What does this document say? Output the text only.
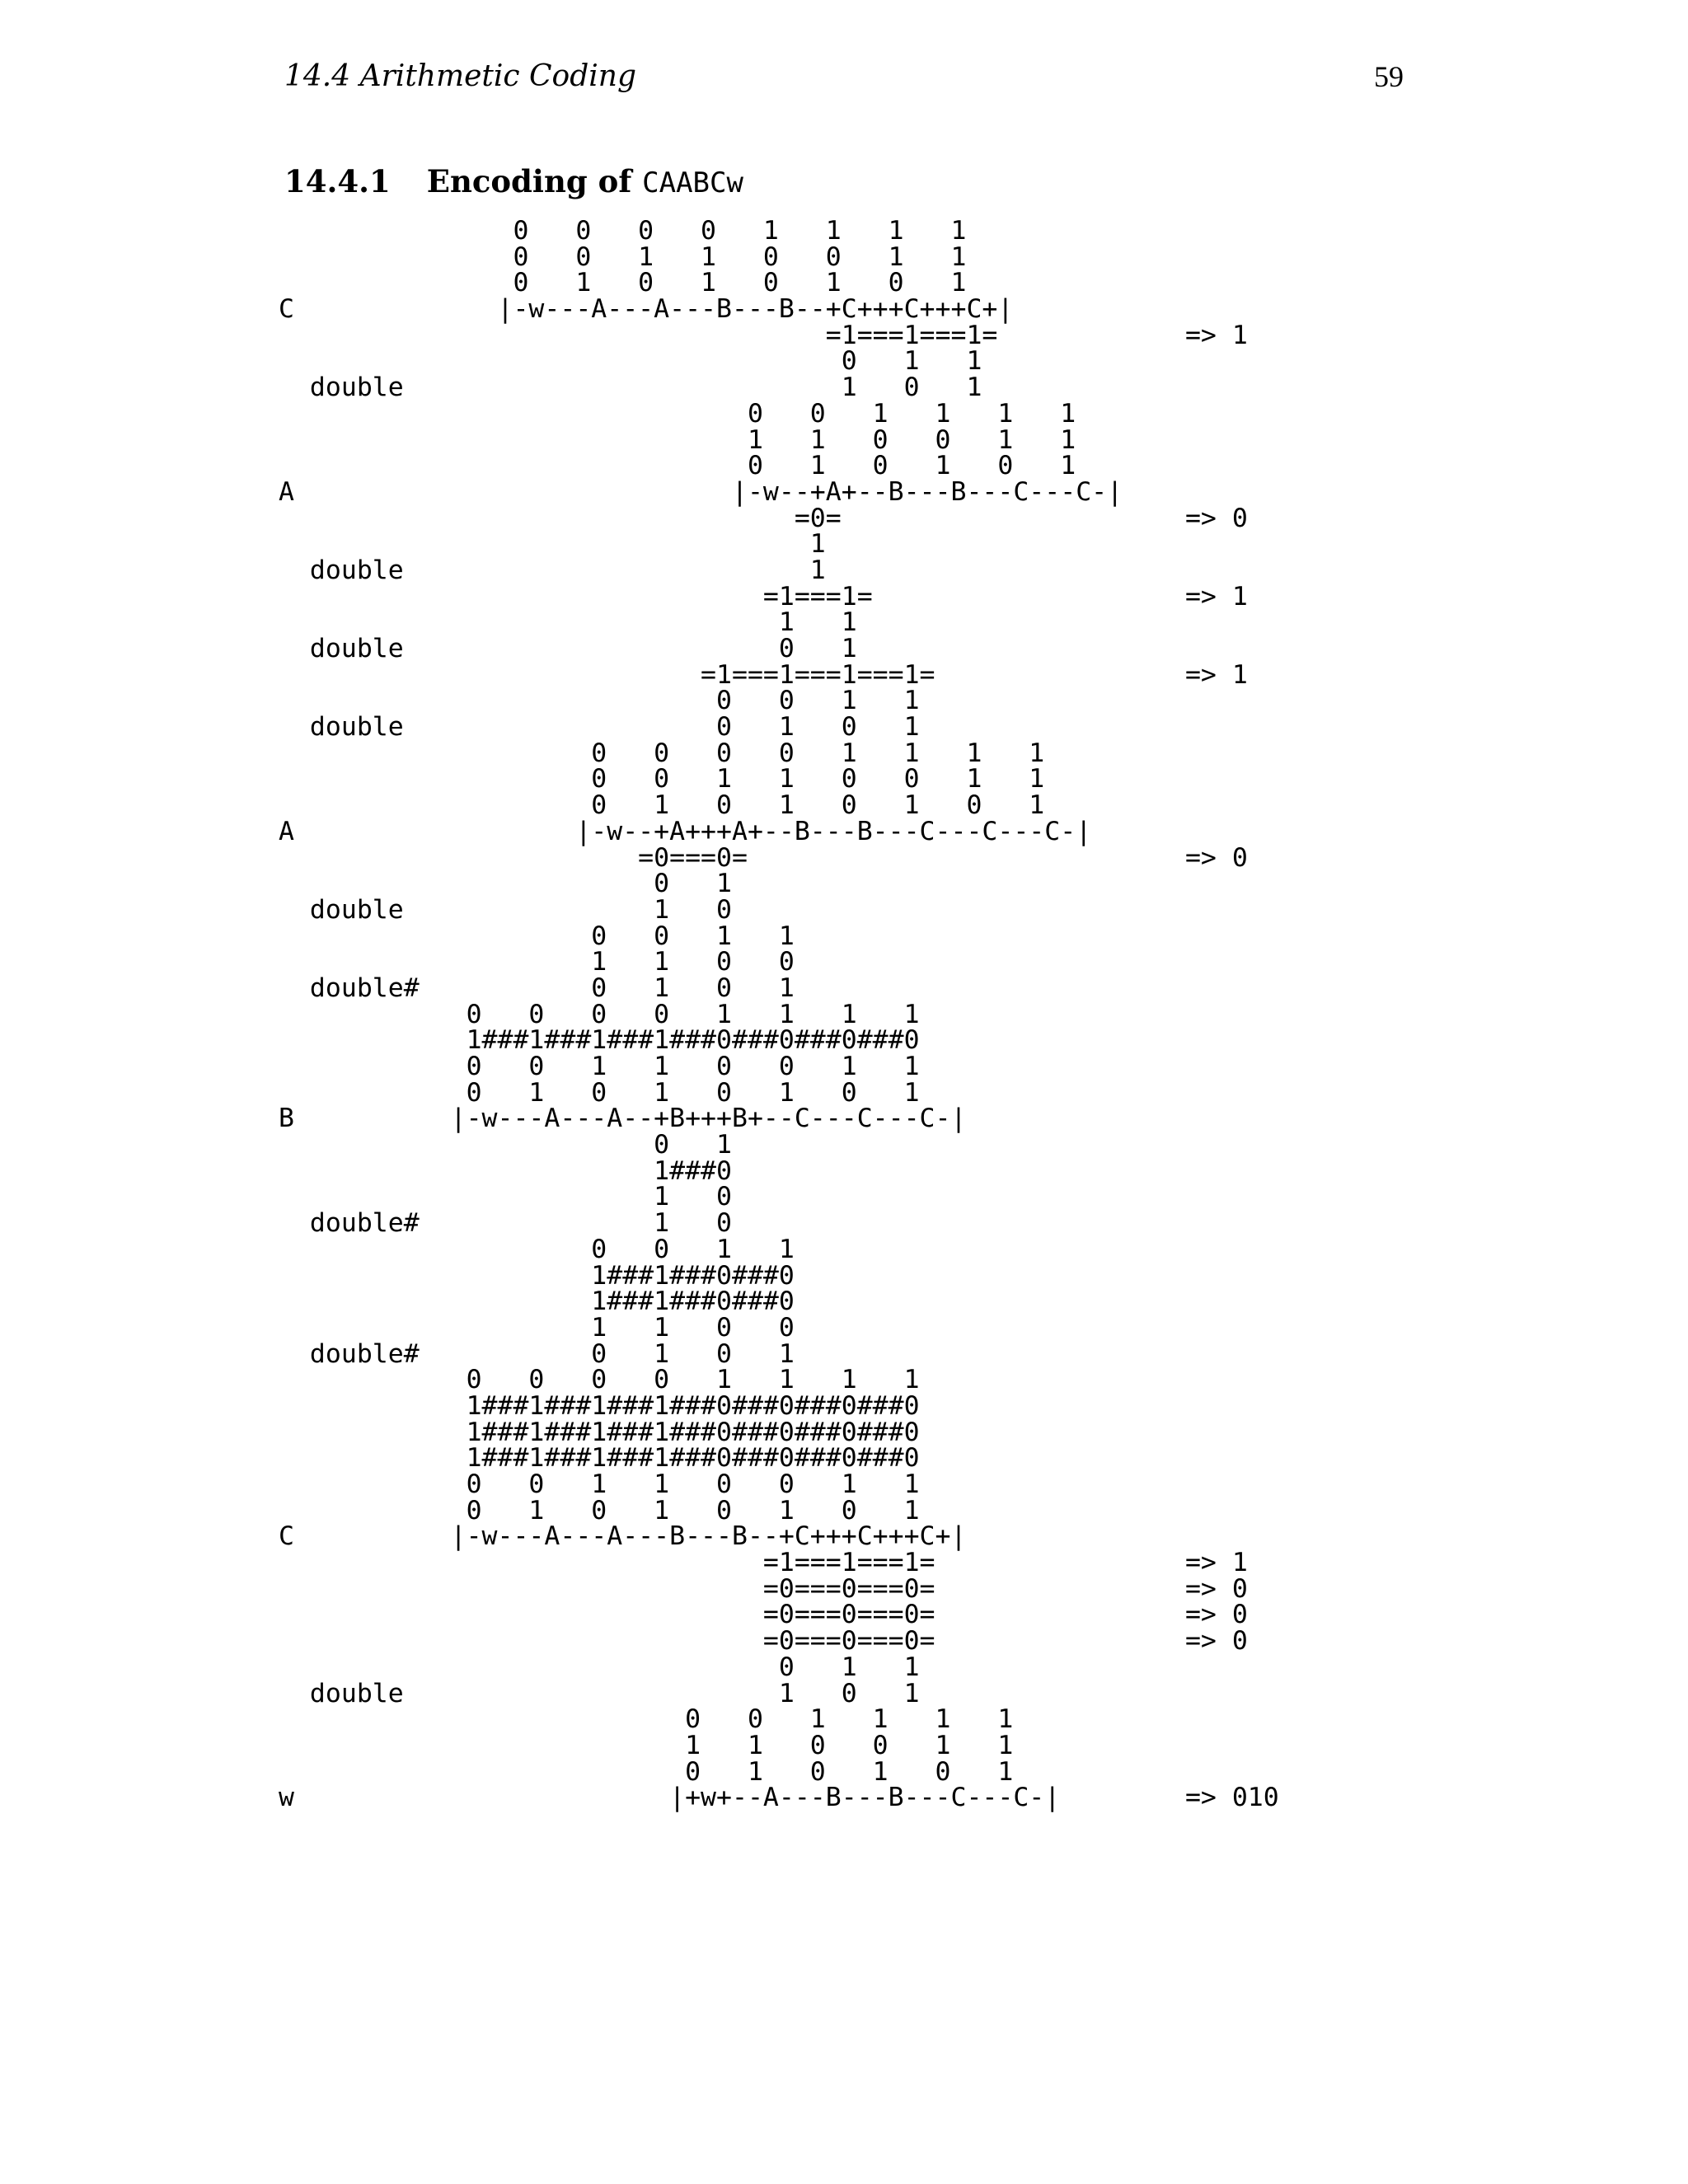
14.4 Arithmetic Coding	59
14.4.1 Encoding of CAABCw
0   0   0   0   1   1   1   1
0   0   1   1   0   0   1   1
0   1   0   1   0   1   0   1
C             |-w---A---A---B---B--+C+++C+++C+|
=1===1===1=            => 1
0   1   1
double                            1   0   1
0   0   1   1   1   1
1   1   0   0   1   1
0   1   0   1   0   1
A                            |-w--+A+--B---B---C---C-|
=0=                      => 0
1
double                          1
=1===1=                    => 1
1   1
double                        0   1
=1===1===1===1=                => 1
0   0   1   1
double                    0   1   0   1
0   0   0   0   1   1   1   1
0   0   1   1   0   0   1   1
0   1   0   1   0   1   0   1
A                  |-w--+A+++A+--B---B---C---C---C-|
=0===0=                            => 0
0   1
double                1   0
0   0   1   1
1   1   0   0
double#           0   1   0   1
0   0   0   0   1   1   1   1
1###1###1###1###0###0###0###0
0   0   1   1   0   0   1   1
0   1   0   1   0   1   0   1
B          |-w---A---A--+B+++B+--C---C---C-|
0   1
1###0
1   0
double#               1   0
0   0   1   1
1###1###0###0
1###1###0###0
1   1   0   0
double#           0   1   0   1
0   0   0   0   1   1   1   1
1###1###1###1###0###0###0###0
1###1###1###1###0###0###0###0
1###1###1###1###0###0###0###0
0   0   1   1   0   0   1   1
0   1   0   1   0   1   0   1
C          |-w---A---A---B---B--+C+++C+++C+|
=1===1===1=                => 1
=0===0===0=                => 0
=0===0===0=                => 0
=0===0===0=                => 0
0   1   1
double                        1   0   1
0   0   1   1   1   1
1   1   0   0   1   1
0   1   0   1   0   1
w                        |+w+--A---B---B---C---C-|        => 010
